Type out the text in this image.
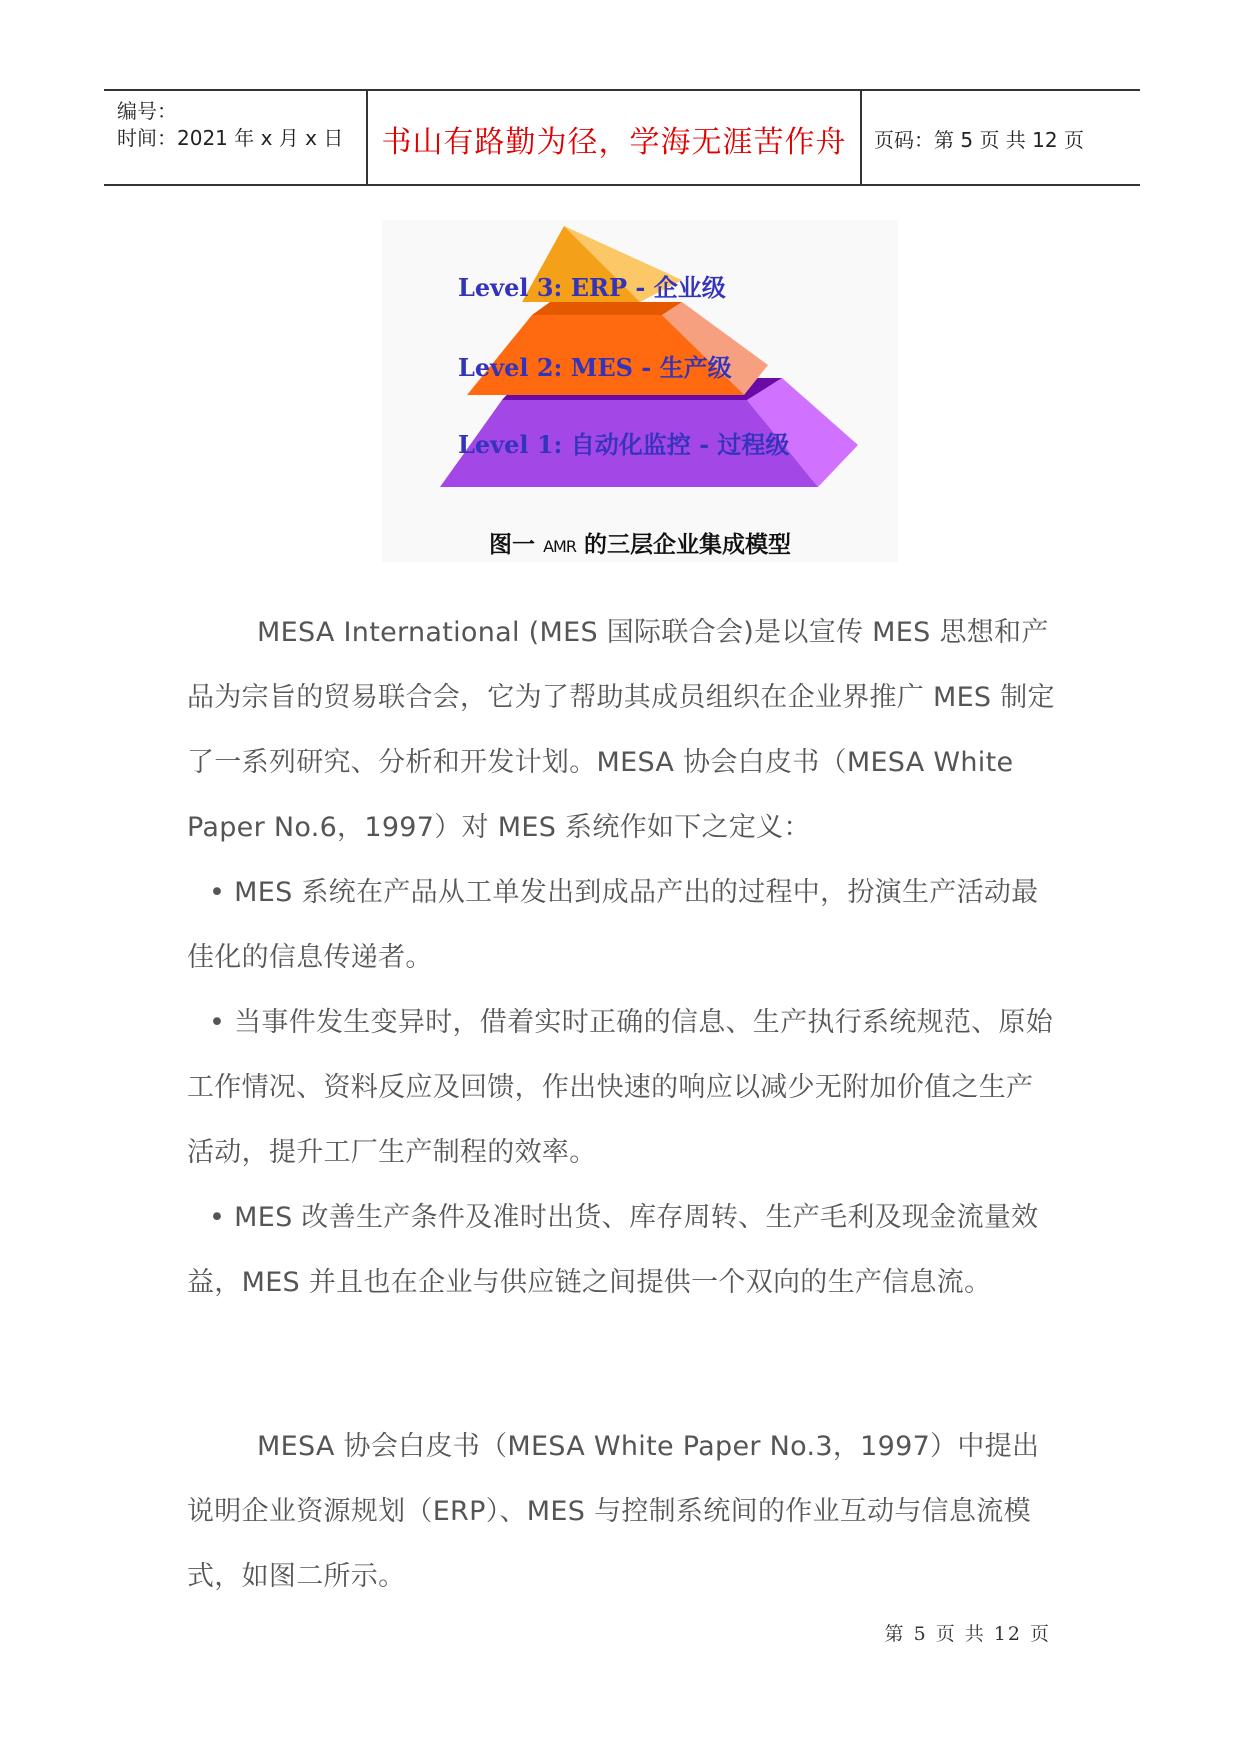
编号：
时间：2021 年 x 月 x 日	书山有路勤为径，学海无涯苦作舟	页码：第 5 页 共 12 页
Level 3: ERP - 企业级
Level 2: MES - 生产级
Level 1: 自动化监控 - 过程级
图一 AMR 的三层企业集成模型
MESA International (MES 国际联合会)是以宣传 MES 思想和产品为宗旨的贸易联合会，它为了帮助其成员组织在企业界推广 MES 制定了一系列研究、分析和开发计划。MESA 协会白皮书（MESA White Paper No.6，1997）对 MES 系统作如下之定义：
• MES 系统在产品从工单发出到成品产出的过程中，扮演生产活动最佳化的信息传递者。
• 当事件发生变异时，借着实时正确的信息、生产执行系统规范、原始工作情况、资料反应及回馈，作出快速的响应以减少无附加价值之生产活动，提升工厂生产制程的效率。
• MES 改善生产条件及准时出货、库存周转、生产毛利及现金流量效益，MES 并且也在企业与供应链之间提供一个双向的生产信息流。
MESA 协会白皮书（MESA White Paper No.3，1997）中提出说明企业资源规划（ERP）、MES 与控制系统间的作业互动与信息流模式，如图二所示。
第 5 页 共 12 页
